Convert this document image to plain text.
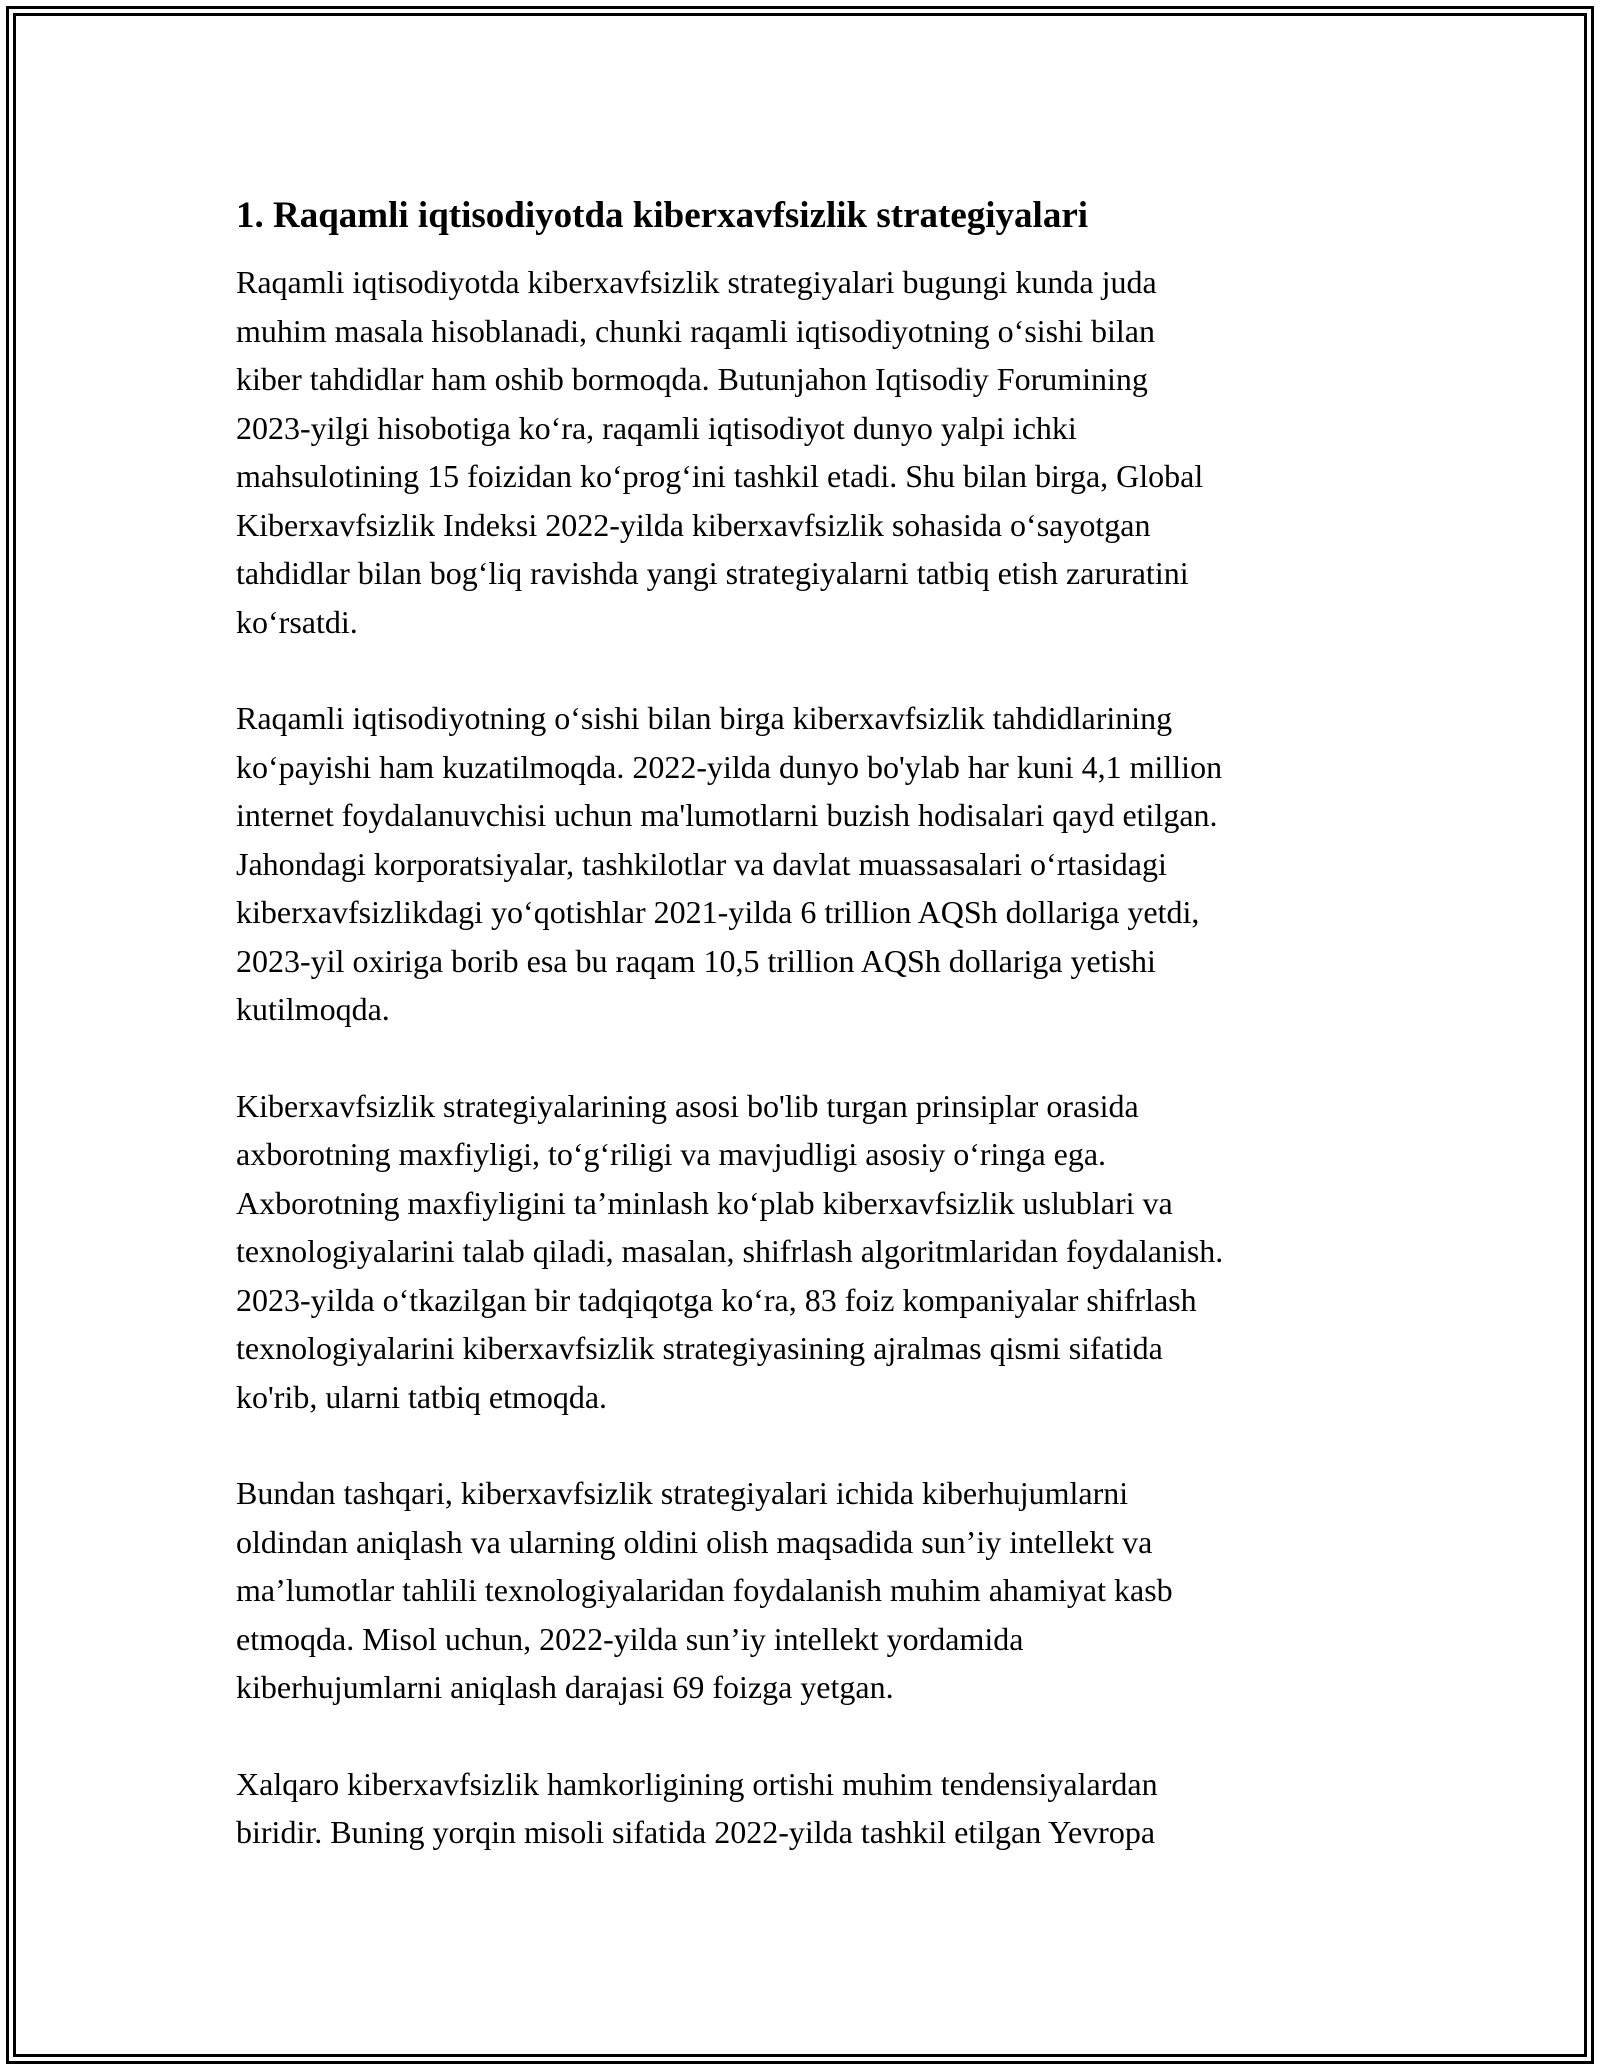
1. Raqamli iqtisodiyotda kiberxavfsizlik strategiyalari

Raqamli iqtisodiyotda kiberxavfsizlik strategiyalari bugungi kunda juda
muhim masala hisoblanadi, chunki raqamli iqtisodiyotning o‘sishi bilan
kiber tahdidlar ham oshib bormoqda. Butunjahon Iqtisodiy Forumining
2023-yilgi hisobotiga ko‘ra, raqamli iqtisodiyot dunyo yalpi ichki
mahsulotining 15 foizidan ko‘prog‘ini tashkil etadi. Shu bilan birga, Global
Kiberxavfsizlik Indeksi 2022-yilda kiberxavfsizlik sohasida o‘sayotgan
tahdidlar bilan bog‘liq ravishda yangi strategiyalarni tatbiq etish zaruratini
ko‘rsatdi.

Raqamli iqtisodiyotning o‘sishi bilan birga kiberxavfsizlik tahdidlarining
ko‘payishi ham kuzatilmoqda. 2022-yilda dunyo bo'ylab har kuni 4,1 million
internet foydalanuvchisi uchun ma'lumotlarni buzish hodisalari qayd etilgan.
Jahondagi korporatsiyalar, tashkilotlar va davlat muassasalari o‘rtasidagi
kiberxavfsizlikdagi yo‘qotishlar 2021-yilda 6 trillion AQSh dollariga yetdi,
2023-yil oxiriga borib esa bu raqam 10,5 trillion AQSh dollariga yetishi
kutilmoqda.

Kiberxavfsizlik strategiyalarining asosi bo'lib turgan prinsiplar orasida
axborotning maxfiyligi, to‘g‘riligi va mavjudligi asosiy o‘ringa ega.
Axborotning maxfiyligini ta’minlash ko‘plab kiberxavfsizlik uslublari va
texnologiyalarini talab qiladi, masalan, shifrlash algoritmlaridan foydalanish.
2023-yilda o‘tkazilgan bir tadqiqotga ko‘ra, 83 foiz kompaniyalar shifrlash
texnologiyalarini kiberxavfsizlik strategiyasining ajralmas qismi sifatida
ko'rib, ularni tatbiq etmoqda.

Bundan tashqari, kiberxavfsizlik strategiyalari ichida kiberhujumlarni
oldindan aniqlash va ularning oldini olish maqsadida sun’iy intellekt va
ma’lumotlar tahlili texnologiyalaridan foydalanish muhim ahamiyat kasb
etmoqda. Misol uchun, 2022-yilda sun’iy intellekt yordamida
kiberhujumlarni aniqlash darajasi 69 foizga yetgan.

Xalqaro kiberxavfsizlik hamkorligining ortishi muhim tendensiyalardan
biridir. Buning yorqin misoli sifatida 2022-yilda tashkil etilgan Yevropa
